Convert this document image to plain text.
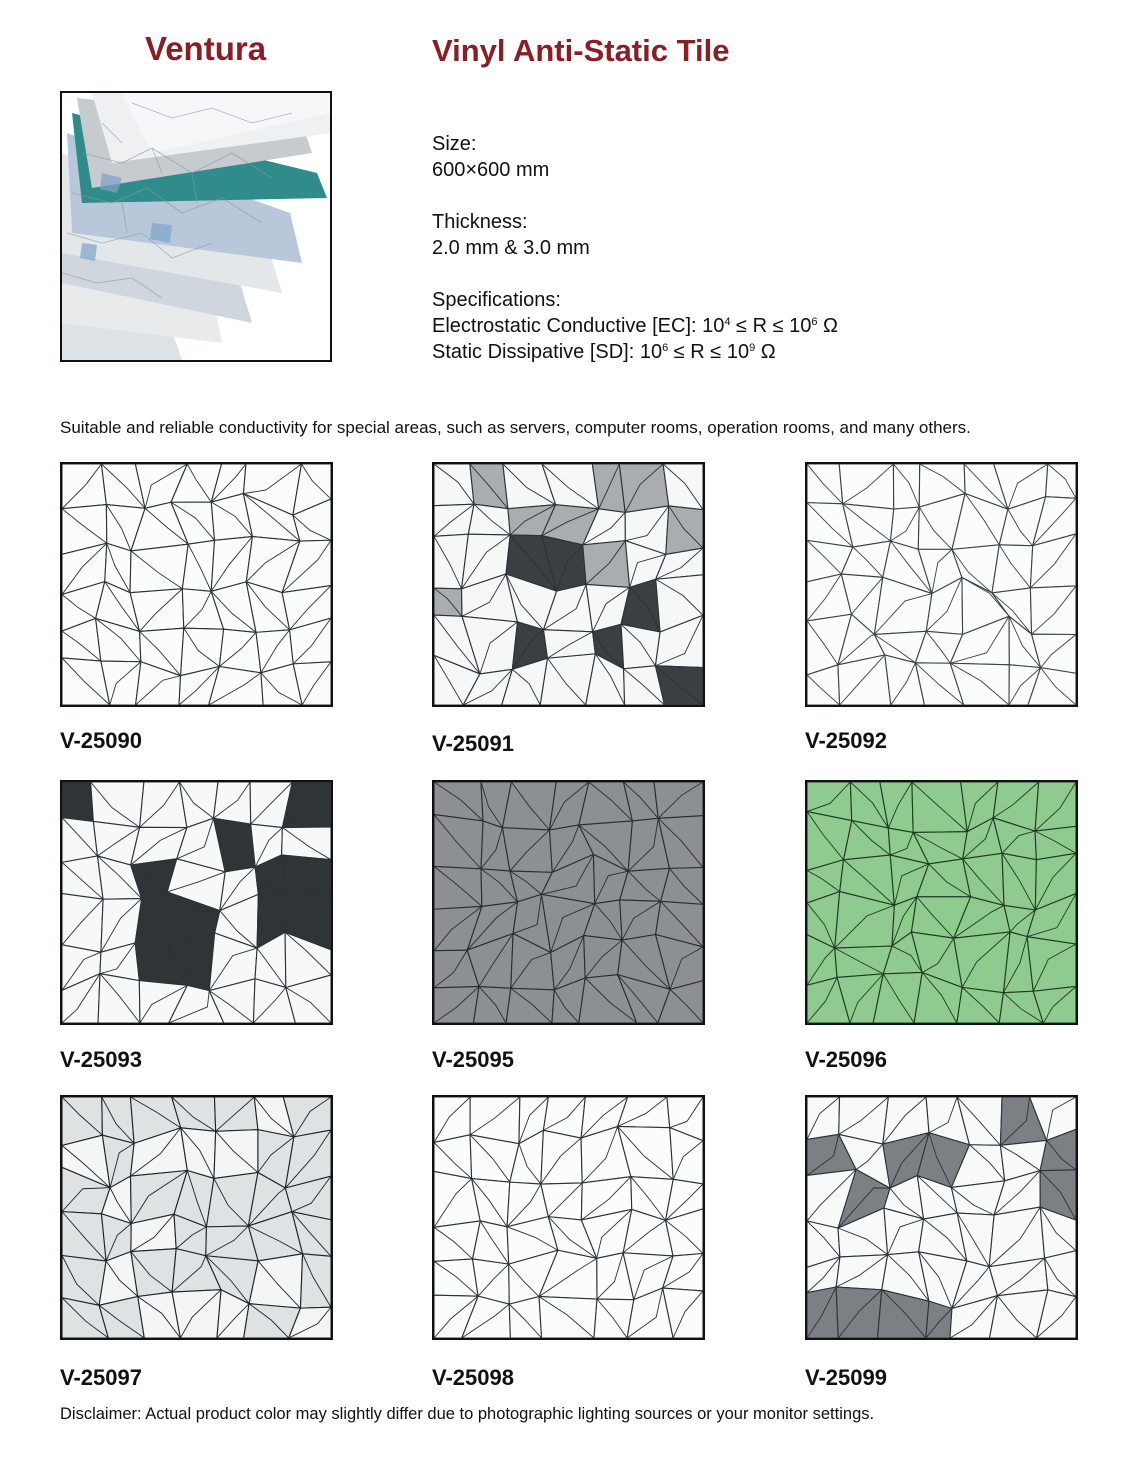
Ventura	Vinyl Anti-Static Tile
Size:
600×600 mm
Thickness:
2.0 mm & 3.0 mm
Specifications:
Electrostatic Conductive [EC]: $10^4 \le R \le 10^6$ Ω
Static Dissipative [SD]: $10^6 \le R \le 10^9$ Ω
Suitable and reliable conductivity for special areas, such as servers, computer rooms, operation rooms, and many others.
V-25090	V-25091	V-25092
V-25093	V-25095	V-25096
V-25097	V-25098	V-25099
Disclaimer: Actual product color may slightly differ due to photographic lighting sources or your monitor settings.
